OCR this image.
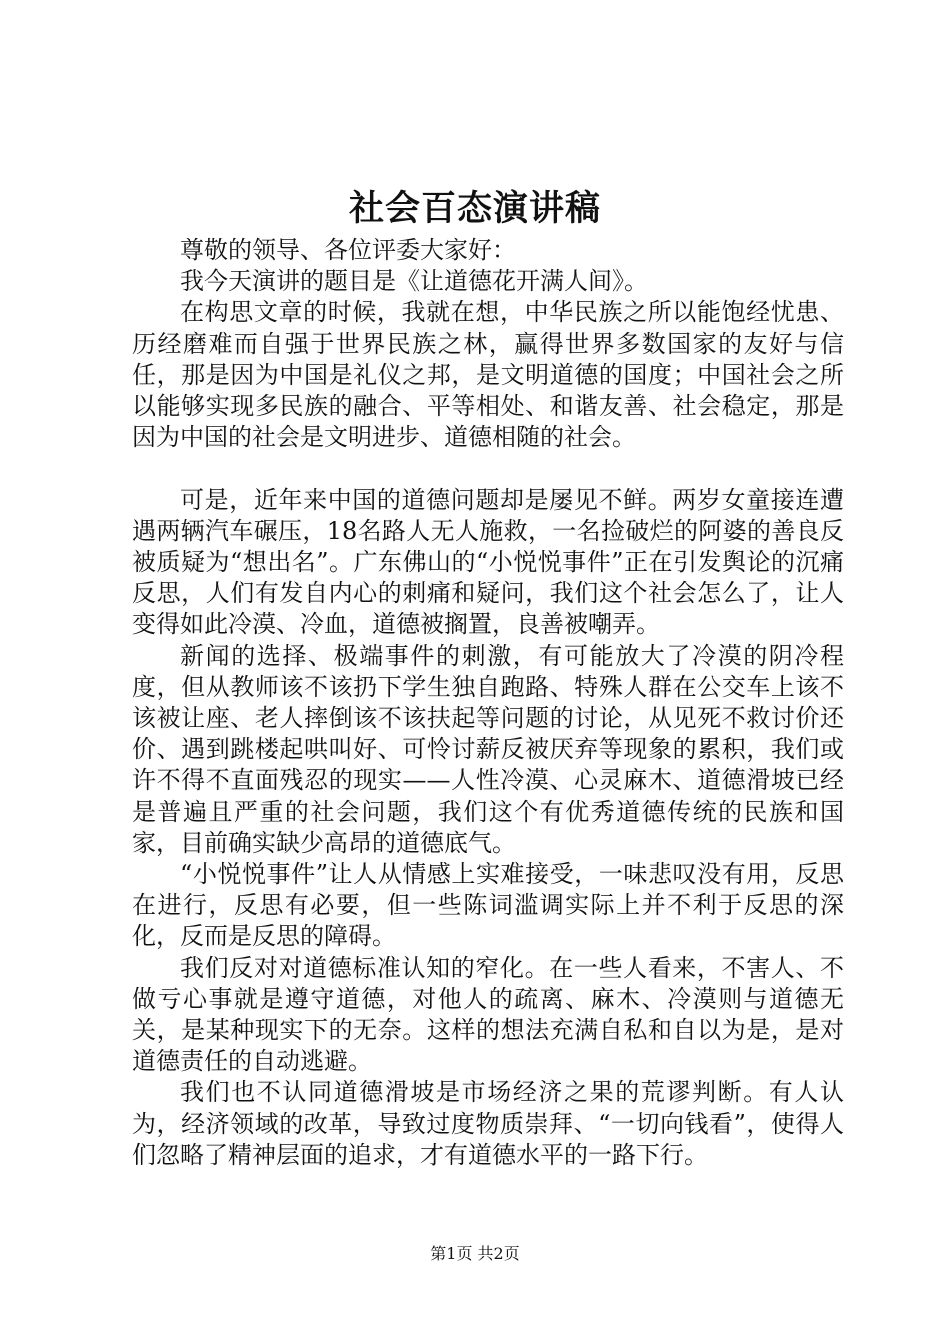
社会百态演讲稿

尊敬的领导、各位评委大家好：

我今天演讲的题目是《让道德花开满人间》。

在构思文章的时候，我就在想，中华民族之所以能饱经忧患、历经磨难而自强于世界民族之林，赢得世界多数国家的友好与信任，那是因为中国是礼仪之邦，是文明道德的国度；中国社会之所以能够实现多民族的融合、平等相处、和谐友善、社会稳定，那是因为中国的社会是文明进步、道德相随的社会。

可是，近年来中国的道德问题却是屡见不鲜。两岁女童接连遭遇两辆汽车碾压，18名路人无人施救，一名捡破烂的阿婆的善良反被质疑为“想出名”。广东佛山的“小悦悦事件”正在引发舆论的沉痛反思，人们有发自内心的刺痛和疑问，我们这个社会怎么了，让人变得如此冷漠、冷血，道德被搁置，良善被嘲弄。

新闻的选择、极端事件的刺激，有可能放大了冷漠的阴冷程度，但从教师该不该扔下学生独自跑路、特殊人群在公交车上该不该被让座、老人摔倒该不该扶起等问题的讨论，从见死不救讨价还价、遇到跳楼起哄叫好、可怜讨薪反被厌弃等现象的累积，我们或许不得不直面残忍的现实——人性冷漠、心灵麻木、道德滑坡已经是普遍且严重的社会问题，我们这个有优秀道德传统的民族和国家，目前确实缺少高昂的道德底气。

“小悦悦事件”让人从情感上实难接受，一味悲叹没有用，反思在进行，反思有必要，但一些陈词滥调实际上并不利于反思的深化，反而是反思的障碍。

我们反对对道德标准认知的窄化。在一些人看来，不害人、不做亏心事就是遵守道德，对他人的疏离、麻木、冷漠则与道德无关，是某种现实下的无奈。这样的想法充满自私和自以为是，是对道德责任的自动逃避。

我们也不认同道德滑坡是市场经济之果的荒谬判断。有人认为，经济领域的改革，导致过度物质崇拜、“一切向钱看”，使得人们忽略了精神层面的追求，才有道德水平的一路下行。

第1页 共2页
